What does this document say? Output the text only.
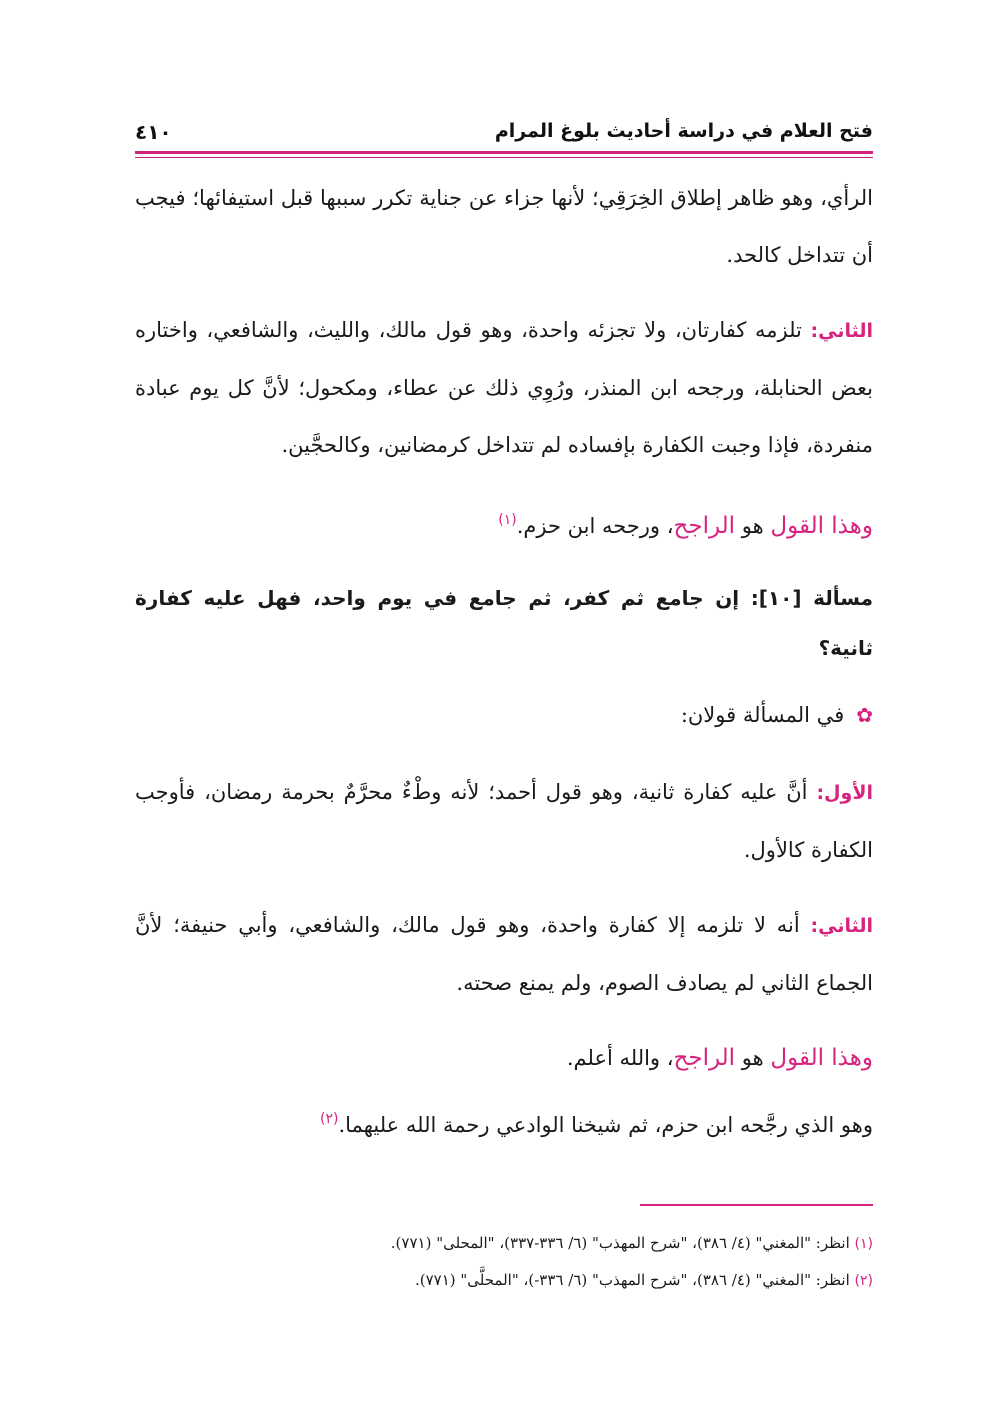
فتح العلام في دراسة أحاديث بلوغ المرام
٤١٠

الرأي، وهو ظاهر إطلاق الخِرَقِي؛ لأنها جزاء عن جناية تكرر سببها قبل استيفائها؛ فيجب أن تتداخل كالحد.

الثاني: تلزمه كفارتان، ولا تجزئه واحدة، وهو قول مالك، والليث، والشافعي، واختاره بعض الحنابلة، ورجحه ابن المنذر، ورُوِي ذلك عن عطاء، ومكحول؛ لأنَّ كل يوم عبادة منفردة، فإذا وجبت الكفارة بإفساده لم تتداخل كرمضانين، وكالحجَّين.

وهذا القول هو الراجح، ورجحه ابن حزم.$^{(١)}$

مسألة [١٠]: إن جامع ثم كفر، ثم جامع في يوم واحد، فهل عليه كفارة ثانية؟

✿في المسألة قولان:

الأول: أنَّ عليه كفارة ثانية، وهو قول أحمد؛ لأنه وطْءٌ محرَّمٌ بحرمة رمضان، فأوجب الكفارة كالأول.

الثاني: أنه لا تلزمه إلا كفارة واحدة، وهو قول مالك، والشافعي، وأبي حنيفة؛ لأنَّ الجماع الثاني لم يصادف الصوم، ولم يمنع صحته.

وهذا القول هو الراجح، والله أعلم.

وهو الذي رجَّحه ابن حزم، ثم شيخنا الوادعي رحمة الله عليهما.$^{(٢)}$

(١) انظر: "المغني" (٤/ ٣٨٦)، "شرح المهذب" (٦/ ٣٣٦-٣٣٧)، "المحلى" (٧٧١).

(٢) انظر: "المغني" (٤/ ٣٨٦)، "شرح المهذب" (٦/ ٣٣٦-)، "المحلَّى" (٧٧١).
